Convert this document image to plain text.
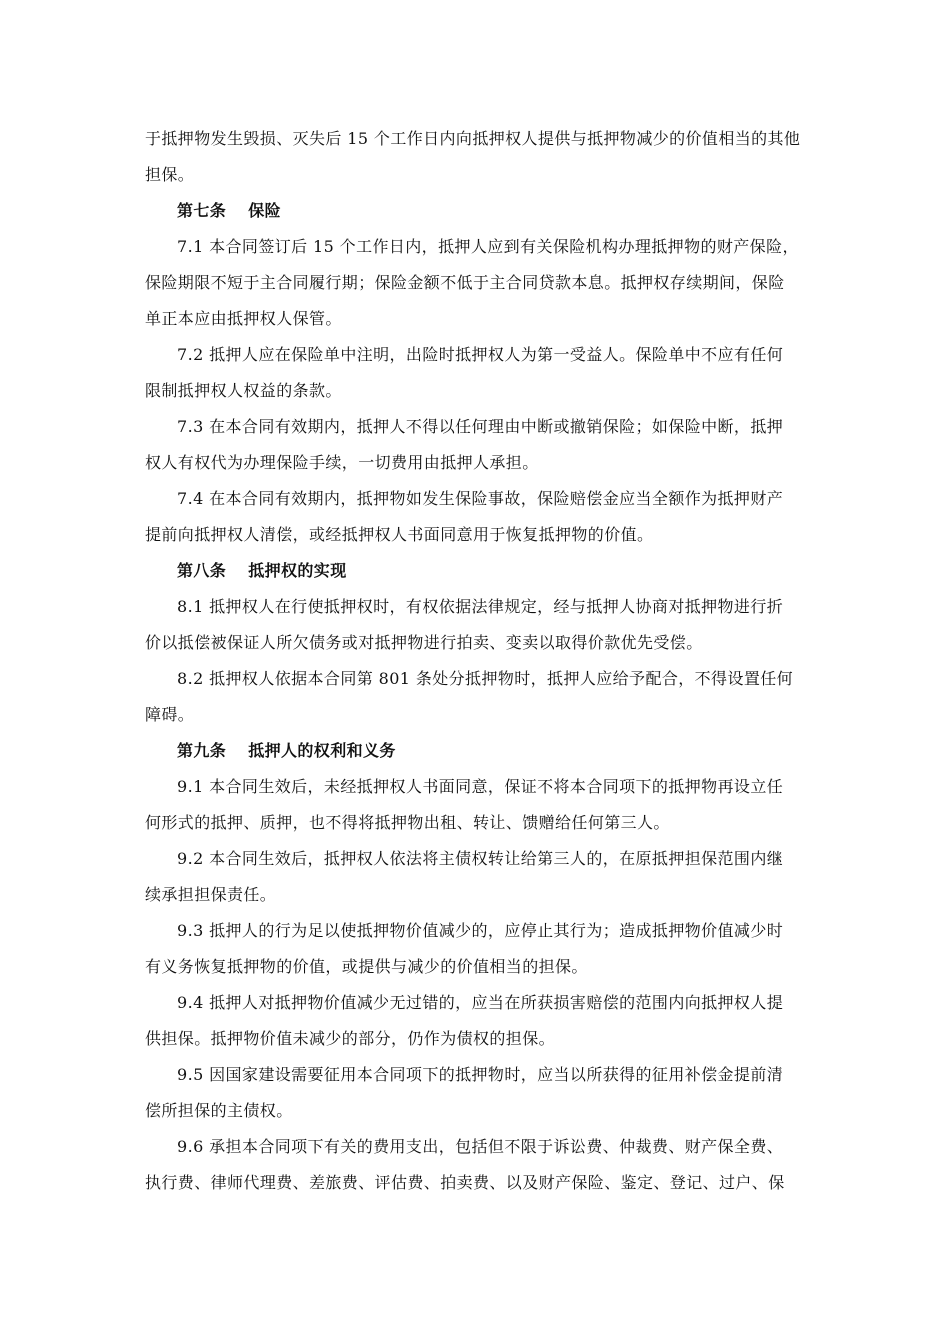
于抵押物发生毁损、灭失后 15 个工作日内向抵押权人提供与抵押物减少的价值相当的其他
担保。
第七条 保险
7.1 本合同签订后 15 个工作日内，抵押人应到有关保险机构办理抵押物的财产保险，
保险期限不短于主合同履行期；保险金额不低于主合同贷款本息。抵押权存续期间，保险
单正本应由抵押权人保管。
7.2 抵押人应在保险单中注明，出险时抵押权人为第一受益人。保险单中不应有任何
限制抵押权人权益的条款。
7.3 在本合同有效期内，抵押人不得以任何理由中断或撤销保险；如保险中断，抵押
权人有权代为办理保险手续，一切费用由抵押人承担。
7.4 在本合同有效期内，抵押物如发生保险事故，保险赔偿金应当全额作为抵押财产
提前向抵押权人清偿，或经抵押权人书面同意用于恢复抵押物的价值。
第八条 抵押权的实现
8.1 抵押权人在行使抵押权时，有权依据法律规定，经与抵押人协商对抵押物进行折
价以抵偿被保证人所欠债务或对抵押物进行拍卖、变卖以取得价款优先受偿。
8.2 抵押权人依据本合同第 801 条处分抵押物时，抵押人应给予配合，不得设置任何
障碍。
第九条 抵押人的权利和义务
9.1 本合同生效后，未经抵押权人书面同意，保证不将本合同项下的抵押物再设立任
何形式的抵押、质押，也不得将抵押物出租、转让、馈赠给任何第三人。
9.2 本合同生效后，抵押权人依法将主债权转让给第三人的，在原抵押担保范围内继
续承担担保责任。
9.3 抵押人的行为足以使抵押物价值减少的，应停止其行为；造成抵押物价值减少时
有义务恢复抵押物的价值，或提供与减少的价值相当的担保。
9.4 抵押人对抵押物价值减少无过错的，应当在所获损害赔偿的范围内向抵押权人提
供担保。抵押物价值未减少的部分，仍作为债权的担保。
9.5 因国家建设需要征用本合同项下的抵押物时，应当以所获得的征用补偿金提前清
偿所担保的主债权。
9.6 承担本合同项下有关的费用支出，包括但不限于诉讼费、仲裁费、财产保全费、
执行费、律师代理费、差旅费、评估费、拍卖费、以及财产保险、鉴定、登记、过户、保
